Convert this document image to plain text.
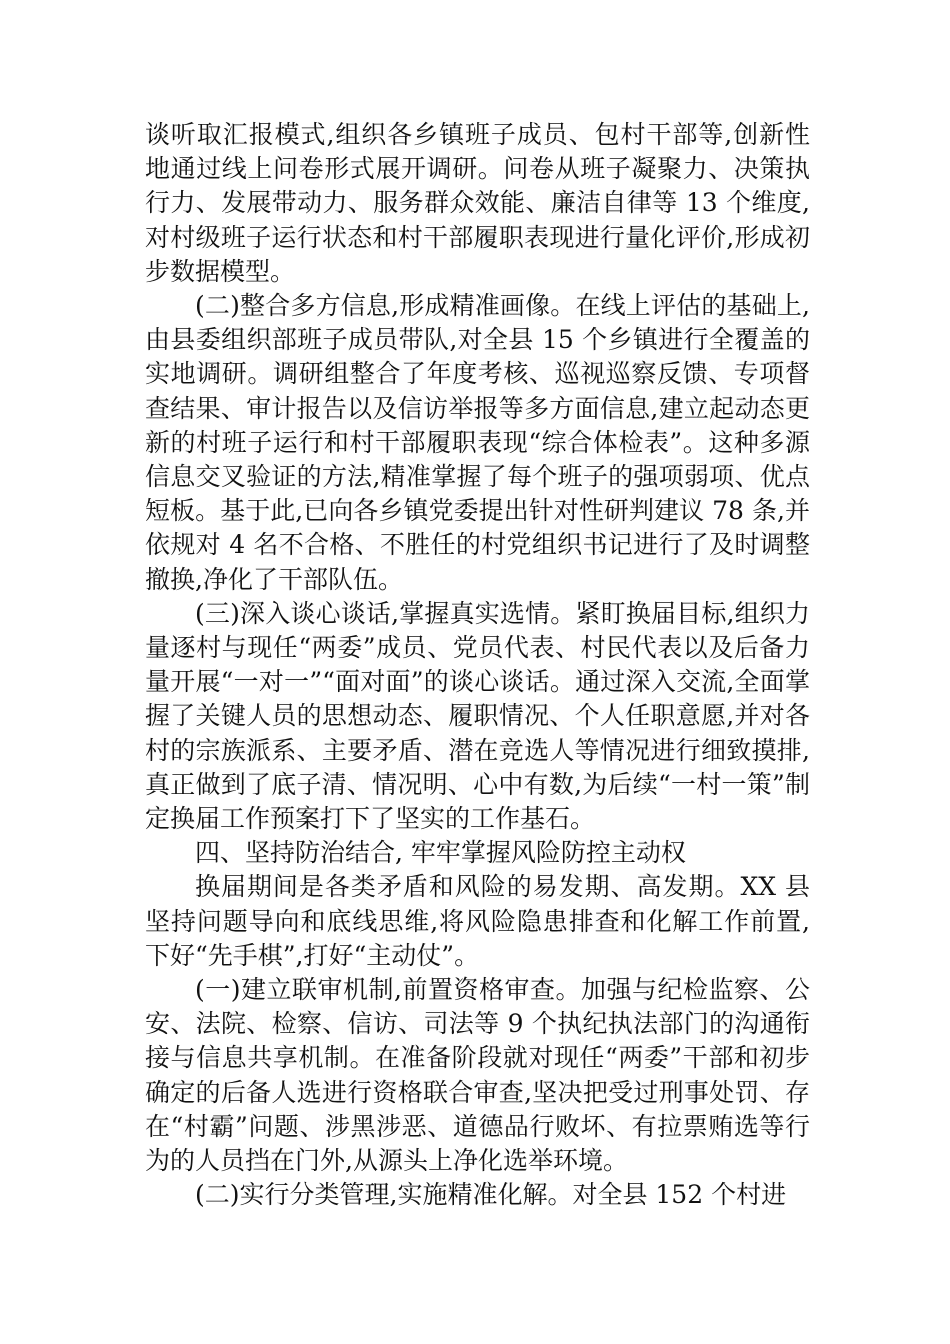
谈听取汇报模式,组织各乡镇班子成员、包村干部等,创新性地通过线上问卷形式展开调研。问卷从班子凝聚力、决策执行力、发展带动力、服务群众效能、廉洁自律等 13 个维度,对村级班子运行状态和村干部履职表现进行量化评价,形成初步数据模型。

(二)整合多方信息,形成精准画像。在线上评估的基础上,由县委组织部班子成员带队,对全县 15 个乡镇进行全覆盖的实地调研。调研组整合了年度考核、巡视巡察反馈、专项督查结果、审计报告以及信访举报等多方面信息,建立起动态更新的村班子运行和村干部履职表现“综合体检表”。这种多源信息交叉验证的方法,精准掌握了每个班子的强项弱项、优点短板。基于此,已向各乡镇党委提出针对性研判建议 78 条,并依规对 4 名不合格、不胜任的村党组织书记进行了及时调整撤换,净化了干部队伍。

(三)深入谈心谈话,掌握真实选情。紧盯换届目标,组织力量逐村与现任“两委”成员、党员代表、村民代表以及后备力量开展“一对一”“面对面”的谈心谈话。通过深入交流,全面掌握了关键人员的思想动态、履职情况、个人任职意愿,并对各村的宗族派系、主要矛盾、潜在竞选人等情况进行细致摸排,真正做到了底子清、情况明、心中有数,为后续“一村一策”制定换届工作预案打下了坚实的工作基石。

四、坚持防治结合, 牢牢掌握风险防控主动权

换届期间是各类矛盾和风险的易发期、高发期。XX 县坚持问题导向和底线思维,将风险隐患排查和化解工作前置,下好“先手棋”,打好“主动仗”。

(一)建立联审机制,前置资格审查。加强与纪检监察、公安、法院、检察、信访、司法等 9 个执纪执法部门的沟通衔接与信息共享机制。在准备阶段就对现任“两委”干部和初步确定的后备人选进行资格联合审查,坚决把受过刑事处罚、存在“村霸”问题、涉黑涉恶、道德品行败坏、有拉票贿选等行为的人员挡在门外,从源头上净化选举环境。

(二)实行分类管理,实施精准化解。对全县 152 个村进
